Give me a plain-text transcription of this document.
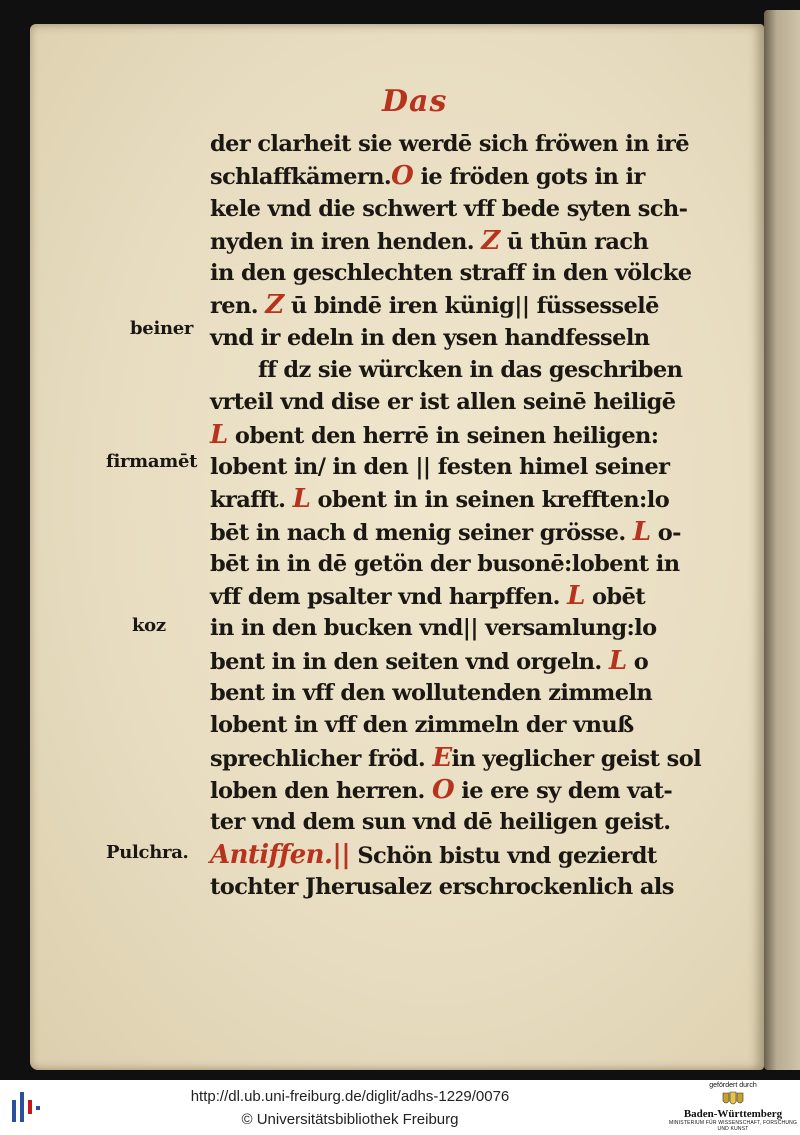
Das
der clarheit sie werdē sich fröwen in irē
schlaffkämern.O ie fröden gots in ir
kele vnd die schwert vff bede syten sch-
nyden in iren henden. Z ū thūn rach
in den geschlechten straff in den völcke
ren. Z ū bindē iren künig|| füssesselē
vnd ir edeln in den ysen handfesseln
ff dz sie würcken in das geschriben
vrteil vnd dise er ist allen seinē heiligē
L obent den herrē in seinen heiligen:
lobent in/ in den || festen himel seiner
krafft. L obent in in seinen krefften:lo
bēt in nach d menig seiner grösse. L o-
bēt in in dē getön der busonē:lobent in
vff dem psalter vnd harpffen. L obēt
in in den bucken vnd|| versamlung:lo
bent in in den seiten vnd orgeln. L o
bent in vff den wollutenden zimmeln
lobent in vff den zimmeln der vnuß
sprechlicher fröd. Ein yeglicher geist sol
loben den herren. O ie ere sy dem vat-
ter vnd dem sun vnd dē heiligen geist.
Antiffen.|| Schön bistu vnd gezierdt
tochter Jherusalez erschrockenlich als
beiner
firmamēt
koz
Pulchra.
http://dl.ub.uni-freiburg.de/diglit/adhs-1229/0076
© Universitätsbibliothek Freiburg
gefördert durch
Baden-Württemberg
MINISTERIUM FÜR WISSENSCHAFT, FORSCHUNG UND KUNST
